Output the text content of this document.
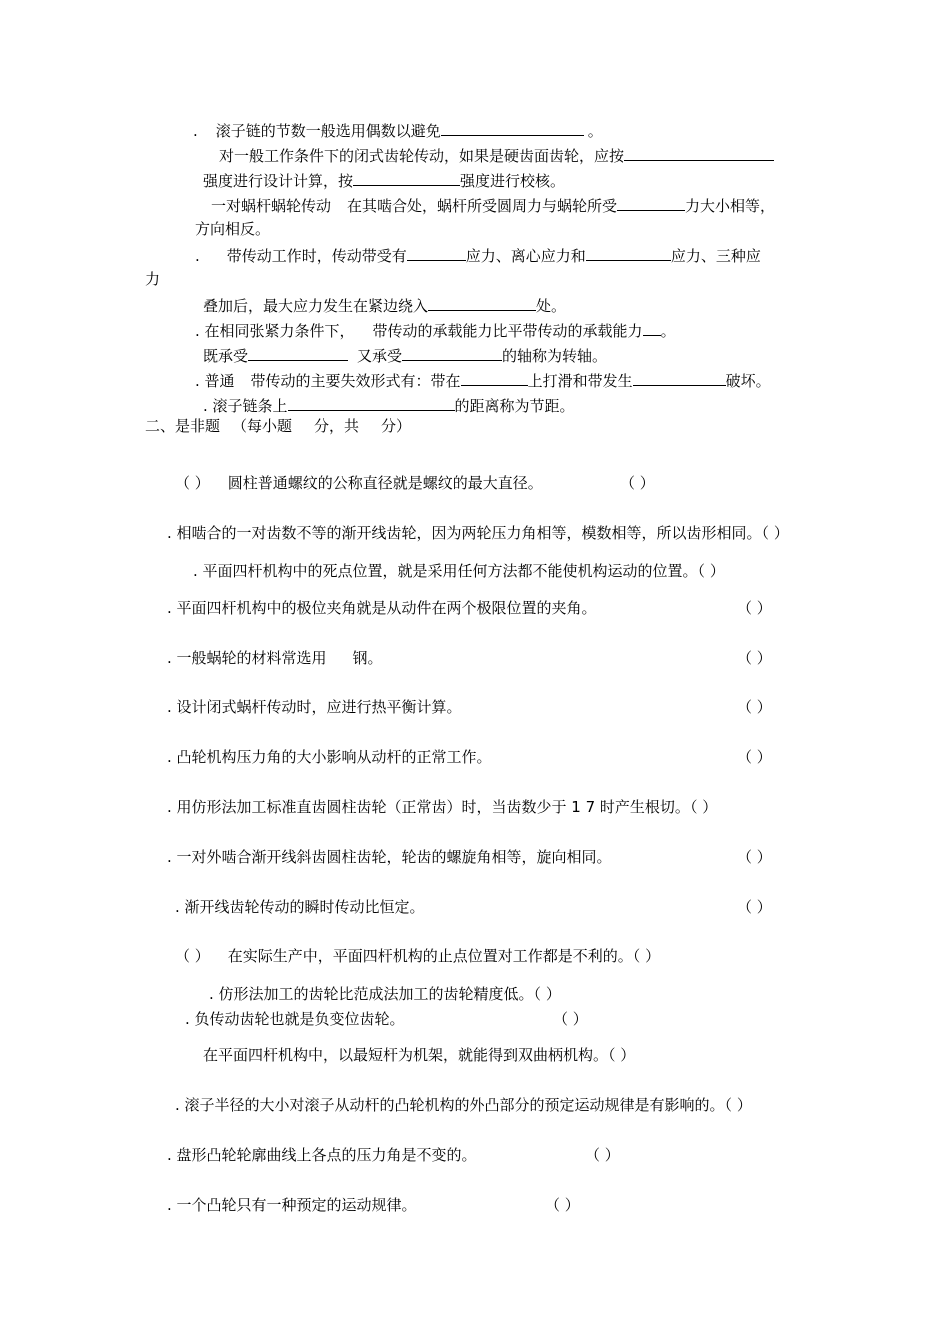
. 滚子链的节数一般选用偶数以避免	。
对一般工作条件下的闭式齿轮传动，如果是硬齿面齿轮，应按
强度进行设计计算，按	强度进行校核。
一对蜗杆蜗轮传动 在其啮合处，蜗杆所受圆周力与蜗轮所受	力大小相等，
方向相反。
. 带传动工作时，传动带受有	应力、离心应力和	应力、三种应
力
叠加后，最大应力发生在紧边绕入	处。
. 在相同张紧力条件下， 带传动的承载能力比平带传动的承载能力 。
既承受	又承受	的轴称为转轴。
. 普通 带传动的主要失效形式有：带在	上打滑和带发生	破坏。
. 滚子链条上	的距离称为节距。
二、是非题 （每小题 分，共 分）
（ ） 圆柱普通螺纹的公称直径就是螺纹的最大直径。	（ ）
. 相啮合的一对齿数不等的渐开线齿轮，因为两轮压力角相等，模数相等，所以齿形相同。（ ）
. 平面四杆机构中的死点位置，就是采用任何方法都不能使机构运动的位置。（ ）
. 平面四杆机构中的极位夹角就是从动件在两个极限位置的夹角。	（ ）
. 一般蜗轮的材料常选用 钢。	（ ）
. 设计闭式蜗杆传动时，应进行热平衡计算。	（ ）
. 凸轮机构压力角的大小影响从动杆的正常工作。	（ ）
. 用仿形法加工标准直齿圆柱齿轮（正常齿）时，当齿数少于 1 7 时产生根切。（ ）
. 一对外啮合渐开线斜齿圆柱齿轮，轮齿的螺旋角相等，旋向相同。	（ ）
. 渐开线齿轮传动的瞬时传动比恒定。	（ ）
（ ） 在实际生产中，平面四杆机构的止点位置对工作都是不利的。（ ）
. 仿形法加工的齿轮比范成法加工的齿轮精度低。（ ）
. 负传动齿轮也就是负变位齿轮。	（ ）
在平面四杆机构中，以最短杆为机架，就能得到双曲柄机构。（ ）
. 滚子半径的大小对滚子从动杆的凸轮机构的外凸部分的预定运动规律是有影响的。（ ）
. 盘形凸轮轮廓曲线上各点的压力角是不变的。	（ ）
. 一个凸轮只有一种预定的运动规律。	（ ）
